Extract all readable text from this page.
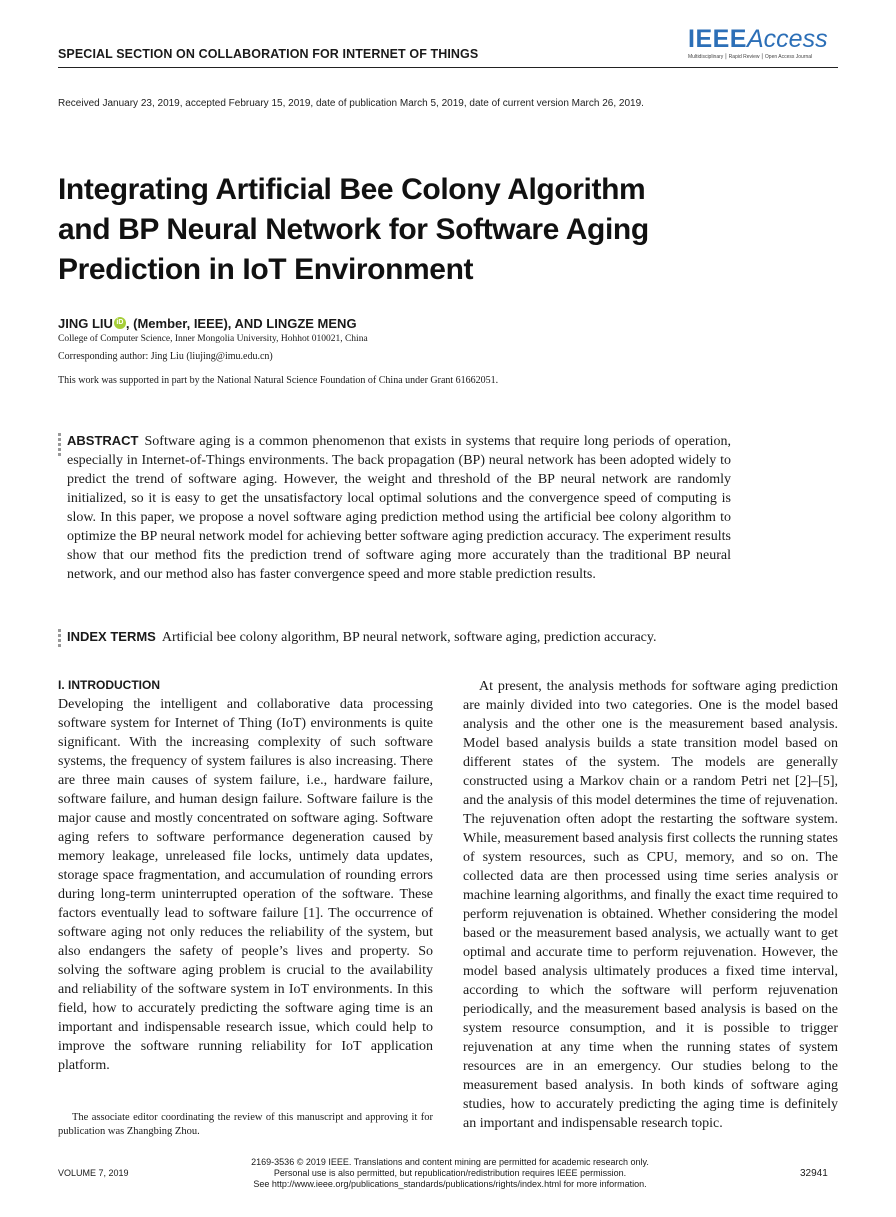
SPECIAL SECTION ON COLLABORATION FOR INTERNET OF THINGS
IEEEAccess
Multidisciplinary ⎮ Rapid Review ⎮ Open Access Journal
Received January 23, 2019, accepted February 15, 2019, date of publication March 5, 2019, date of current version March 26, 2019.
Integrating Artificial Bee Colony Algorithm and BP Neural Network for Software Aging Prediction in IoT Environment
JING LIU iD , (Member, IEEE), AND LINGZE MENG
College of Computer Science, Inner Mongolia University, Hohhot 010021, China
Corresponding author: Jing Liu (liujing@imu.edu.cn)
This work was supported in part by the National Natural Science Foundation of China under Grant 61662051.
ABSTRACT Software aging is a common phenomenon that exists in systems that require long periods of operation, especially in Internet-of-Things environments. The back propagation (BP) neural network has been adopted widely to predict the trend of software aging. However, the weight and threshold of the BP neural network are randomly initialized, so it is easy to get the unsatisfactory local optimal solutions and the convergence speed of computing is slow. In this paper, we propose a novel software aging prediction method using the artificial bee colony algorithm to optimize the BP neural network model for achieving better software aging prediction accuracy. The experiment results show that our method fits the prediction trend of software aging more accurately than the traditional BP neural network, and our method also has faster convergence speed and more stable prediction results.
INDEX TERMS Artificial bee colony algorithm, BP neural network, software aging, prediction accuracy.
I. INTRODUCTION
Developing the intelligent and collaborative data processing software system for Internet of Thing (IoT) environments is quite significant. With the increasing complexity of such software systems, the frequency of system failures is also increasing. There are three main causes of system failure, i.e., hardware failure, software failure, and human design failure. Software failure is the major cause and mostly concentrated on software aging. Software aging refers to software performance degeneration caused by memory leakage, unreleased file locks, untimely data updates, storage space fragmentation, and accumulation of rounding errors during long-term uninterrupted operation of the software. These factors eventually lead to software failure [1]. The occurrence of software aging not only reduces the reliability of the system, but also endangers the safety of people’s lives and property. So solving the software aging problem is crucial to the availability and reliability of the software system in IoT environments. In this field, how to accurately predicting the software aging time is an important and indispensable research issue, which could help to improve the software running reliability for IoT application platform.
At present, the analysis methods for software aging prediction are mainly divided into two categories. One is the model based analysis and the other one is the measurement based analysis. Model based analysis builds a state transition model based on different states of the system. The models are generally constructed using a Markov chain or a random Petri net [2]–[5], and the analysis of this model determines the time of rejuvenation. The rejuvenation often adopt the restarting the software system. While, measurement based analysis first collects the running states of system resources, such as CPU, memory, and so on. The collected data are then processed using time series analysis or machine learning algorithms, and finally the exact time required to perform rejuvenation is obtained. Whether considering the model based or the measurement based analysis, we actually want to get optimal and accurate time to perform rejuvenation. However, the model based analysis ultimately produces a fixed time interval, according to which the software will perform rejuvenation periodically, and the measurement based analysis is based on the system resource consumption, and it is possible to trigger rejuvenation at any time when the running states of system resources are in an emergency. Our studies belong to the measurement based analysis. In both kinds of software aging studies, how to accurately predicting the aging time is definitely an important and indispensable research topic.
The associate editor coordinating the review of this manuscript and approving it for publication was Zhangbing Zhou.
VOLUME 7, 2019
2169-3536 © 2019 IEEE. Translations and content mining are permitted for academic research only.
Personal use is also permitted, but republication/redistribution requires IEEE permission.
See http://www.ieee.org/publications_standards/publications/rights/index.html for more information.
32941
